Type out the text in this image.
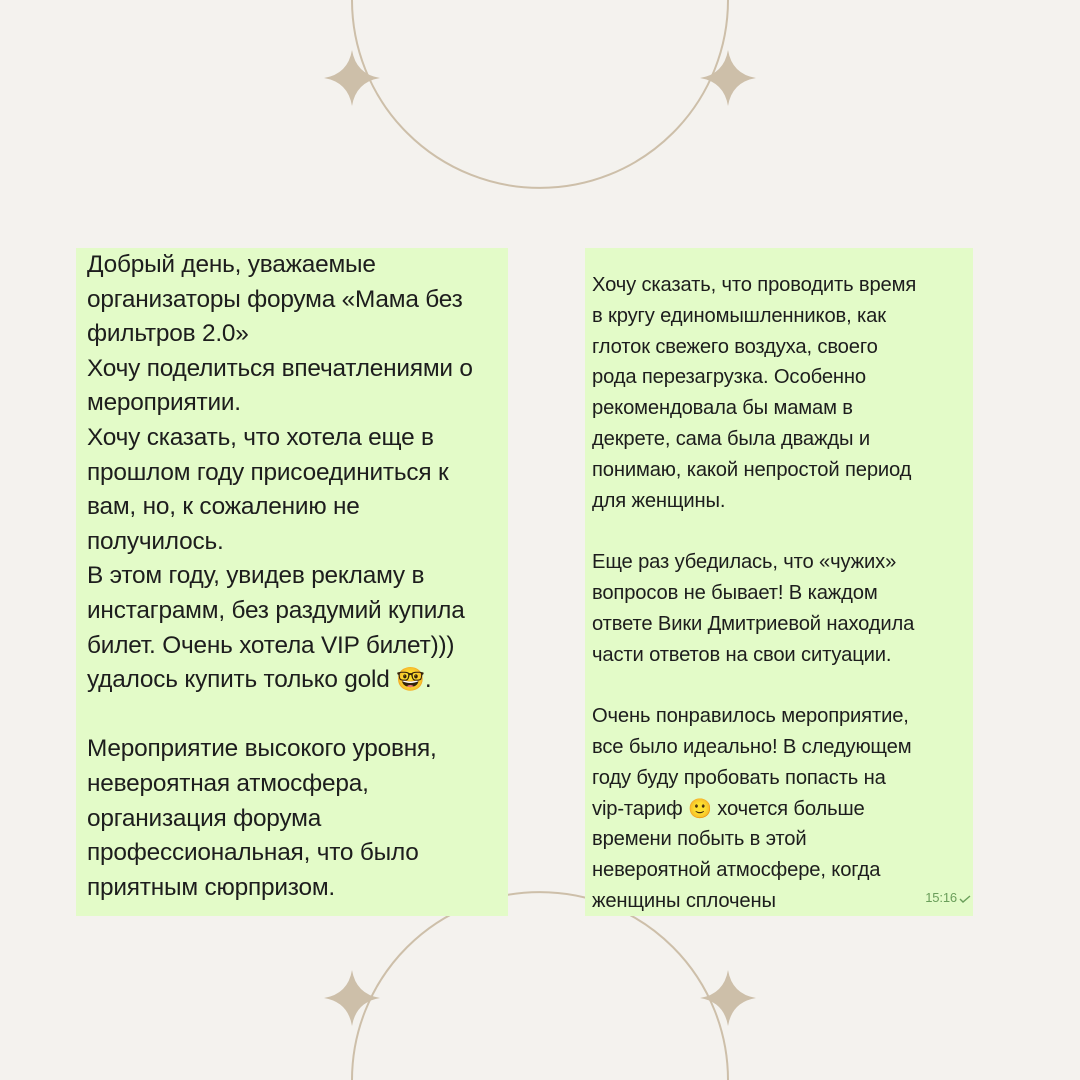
Добрый день, уважаемые
организаторы форума «Мама без
фильтров 2.0»
Хочу поделиться впечатлениями о
мероприятии.
Хочу сказать, что хотела еще в
прошлом году присоединиться к
вам, но, к сожалению не
получилось.
В этом году, увидев рекламу в
инстаграмм, без раздумий купила
билет. Очень хотела VIP билет)))
удалось купить только gold 🤓.

Мероприятие высокого уровня,
невероятная атмосфера,
организация форума
профессиональная, что было
приятным сюрпризом.

Хочу сказать, что проводить время
в кругу единомышленников, как
глоток свежего воздуха, своего
рода перезагрузка. Особенно
рекомендовала бы мамам в
декрете, сама была дважды и
понимаю, какой непростой период
для женщины.

Еще раз убедилась, что «чужих»
вопросов не бывает! В каждом
ответе Вики Дмитриевой находила
части ответов на свои ситуации.

Очень понравилось мероприятие,
все было идеально! В следующем
году буду пробовать попасть на
vip-тариф 🙂 хочется больше
времени побыть в этой
невероятной атмосфере, когда
женщины сплочены	15:16
